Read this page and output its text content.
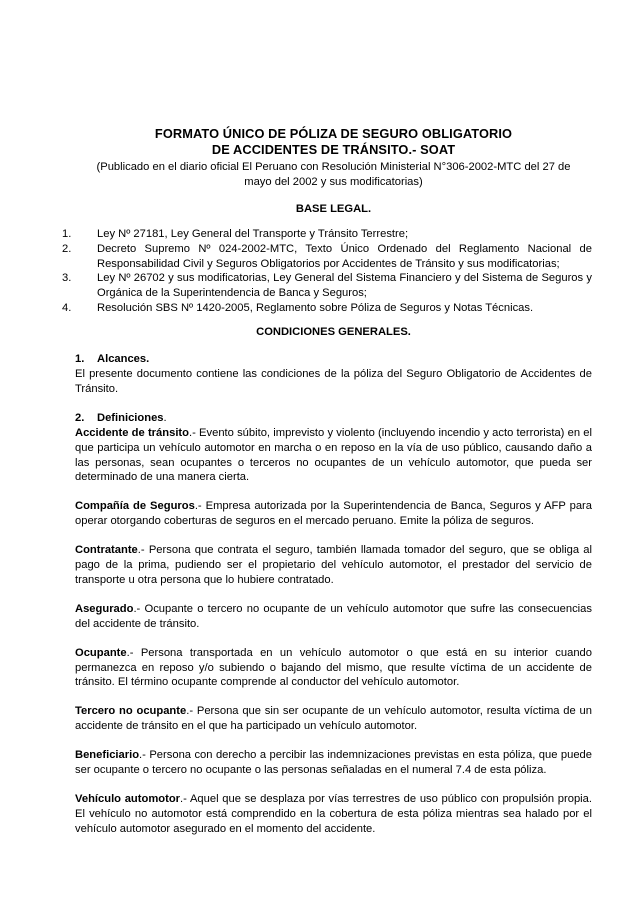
FORMATO ÚNICO DE PÓLIZA DE SEGURO OBLIGATORIO
DE ACCIDENTES DE TRÁNSITO.- SOAT
(Publicado en el diario oficial El Peruano con Resolución Ministerial N°306-2002-MTC del 27 de mayo del 2002 y sus modificatorias)
BASE LEGAL.
1. Ley Nº 27181, Ley General del Transporte y Tránsito Terrestre;
2. Decreto Supremo Nº 024-2002-MTC, Texto Único Ordenado del Reglamento Nacional de Responsabilidad Civil y Seguros Obligatorios por Accidentes de Tránsito y sus modificatorias;
3. Ley Nº 26702 y sus modificatorias, Ley General del Sistema Financiero y del Sistema de Seguros y Orgánica de la Superintendencia de Banca y Seguros;
4. Resolución SBS Nº 1420-2005, Reglamento sobre Póliza de Seguros y Notas Técnicas.
CONDICIONES GENERALES.
1. Alcances.
El presente documento contiene las condiciones de la póliza del Seguro Obligatorio de Accidentes de Tránsito.
2. Definiciones.
Accidente de tránsito.- Evento súbito, imprevisto y violento (incluyendo incendio y acto terrorista) en el que participa un vehículo automotor en marcha o en reposo en la vía de uso público, causando daño a las personas, sean ocupantes o terceros no ocupantes de un vehículo automotor, que pueda ser determinado de una manera cierta.
Compañía de Seguros.- Empresa autorizada por la Superintendencia de Banca, Seguros y AFP para operar otorgando coberturas de seguros en el mercado peruano. Emite la póliza de seguros.
Contratante.- Persona que contrata el seguro, también llamada tomador del seguro, que se obliga al pago de la prima, pudiendo ser el propietario del vehículo automotor, el prestador del servicio de transporte u otra persona que lo hubiere contratado.
Asegurado.- Ocupante o tercero no ocupante de un vehículo automotor que sufre las consecuencias del accidente de tránsito.
Ocupante.- Persona transportada en un vehículo automotor o que está en su interior cuando permanezca en reposo y/o subiendo o bajando del mismo, que resulte víctima de un accidente de tránsito. El término ocupante comprende al conductor del vehículo automotor.
Tercero no ocupante.- Persona que sin ser ocupante de un vehículo automotor, resulta víctima de un accidente de tránsito en el que ha participado un vehículo automotor.
Beneficiario.- Persona con derecho a percibir las indemnizaciones previstas en esta póliza, que puede ser ocupante o tercero no ocupante o las personas señaladas en el numeral 7.4 de esta póliza.
Vehículo automotor.- Aquel que se desplaza por vías terrestres de uso público con propulsión propia. El vehículo no automotor está comprendido en la cobertura de esta póliza mientras sea halado por el vehículo automotor asegurado en el momento del accidente.
